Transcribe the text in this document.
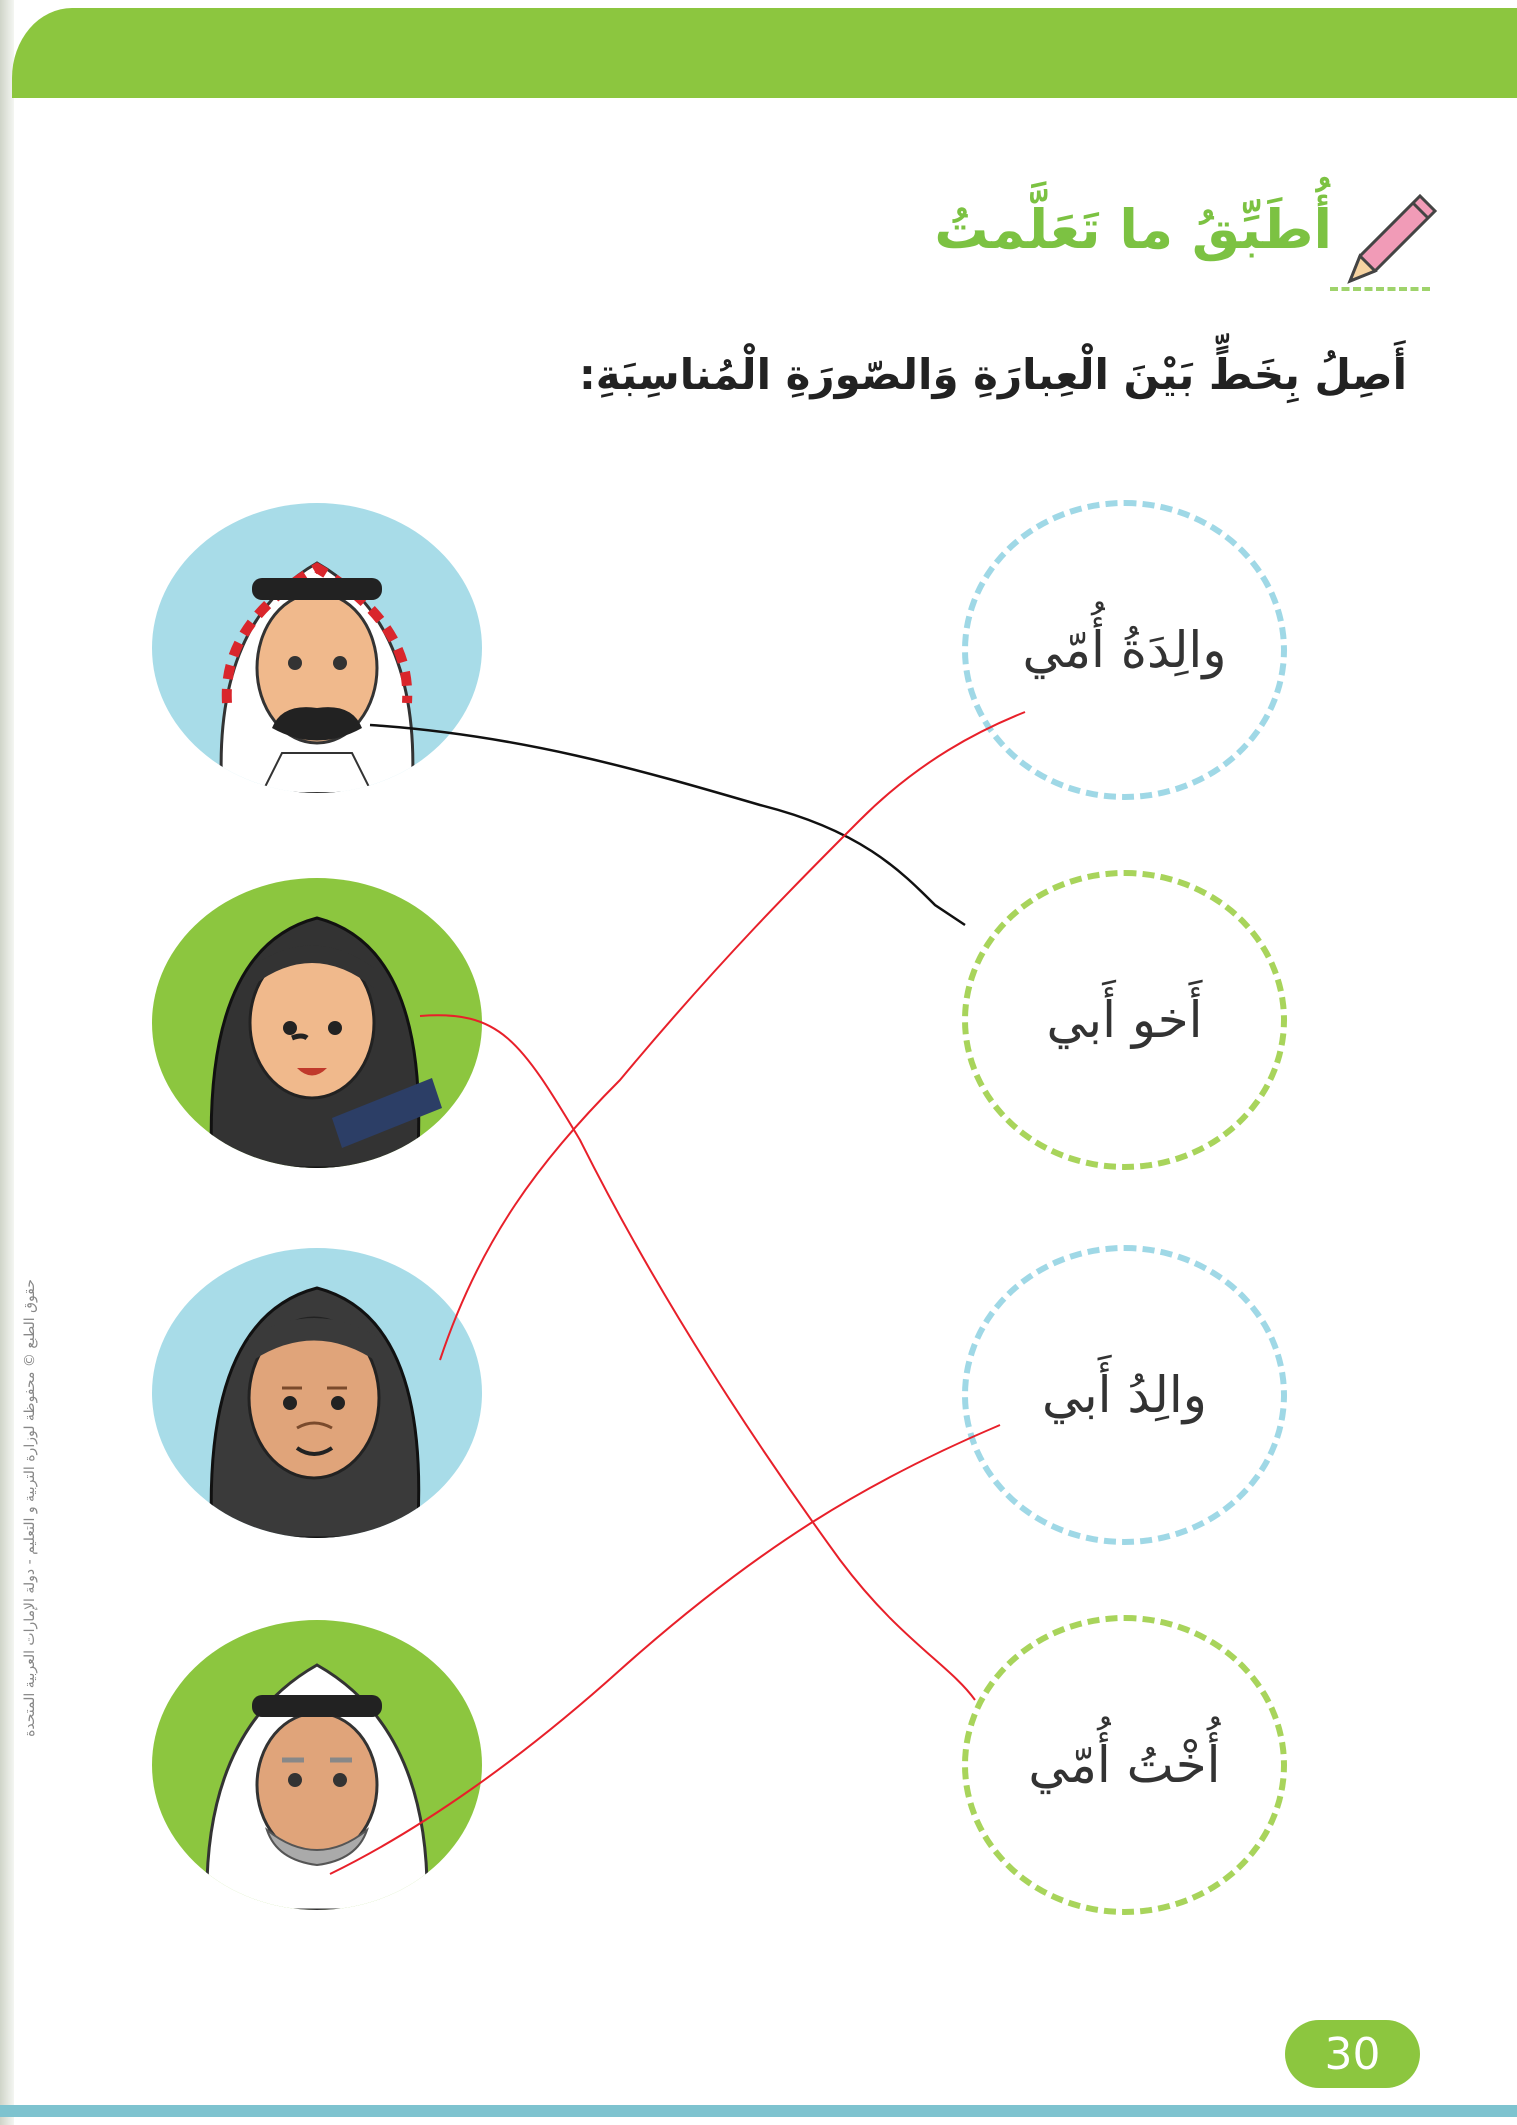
أُطَبِّقُ ما تَعَلَّمتُ
أَصِلُ بِخَطٍّ بَيْنَ الْعِبارَةِ وَالصّورَةِ الْمُناسِبَةِ:
والِدَةُ أُمّي
أَخو أَبي
والِدُ أَبي
أُخْتُ أُمّي
حقوق الطبع © محفوظة لوزارة التربية و التعليم - دولة الإمارات العربية المتحدة
30
